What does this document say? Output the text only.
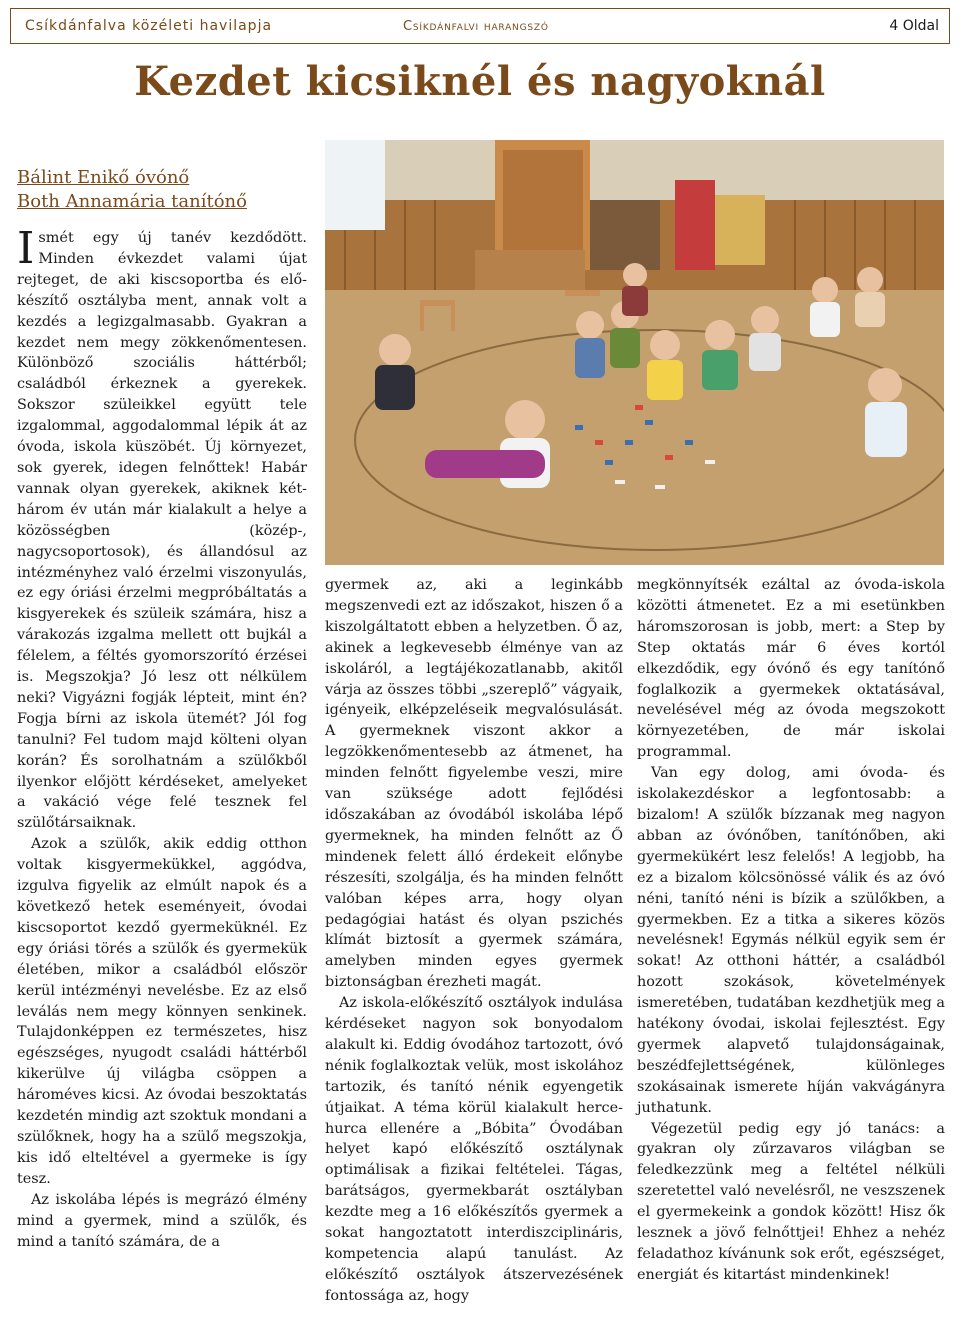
Csíkdánfalva közéleti havilapja	Csíkdánfalvi harangszó	4 Oldal
Kezdet kicsiknél és nagyoknál
Bálint Enikő óvónő
Both Annamária tanítónő

Ismét egy új tanév kezdődött. Minden évkezdet valami újat rejteget, de aki kiscsoportba és előkészítő osztályba ment, annak volt a kezdés a legizgalmasabb. Gyakran a kezdet nem megy zökkenőmentesen. Különböző szociális háttérből; családból érkeznek a gyerekek. Sokszor szüleikkel együtt tele izgalommal, aggodalommal lépik át az óvoda, iskola küszöbét. Új környezet, sok gyerek, idegen felnőttek! Habár vannak olyan gyerekek, akiknek két-három év után már kialakult a helye a közösségben (közép-, nagycsoportosok), és állandósul az intézményhez való érzelmi viszonyulás, ez egy óriási érzelmi megpróbáltatás a kisgyerekek és szüleik számára, hisz a várakozás izgalma mellett ott bujkál a félelem, a féltés gyomorszorító érzései is. Megszokja? Jó lesz ott nélkülem neki? Vigyázni fogják lépteit, mint én? Fogja bírni az iskola ütemét? Jól fog tanulni? Fel tudom majd költeni olyan korán? És sorolhatnám a szülőkből ilyenkor előjött kérdéseket, amelyeket a vakáció vége felé tesznek fel szülőtársaiknak.

Azok a szülők, akik eddig otthon voltak kisgyermekükkel, aggódva, izgulva figyelik az elmúlt napok és a következő hetek eseményeit, óvodai kiscsoportot kezdő gyermeküknél. Ez egy óriási törés a szülők és gyermekük életében, mikor a családból először kerül intézményi nevelésbe. Ez az első leválás nem megy könnyen senkinek. Tulajdonképpen ez természetes, hisz egészséges, nyugodt családi háttérből kikerülve új világba csöppen a hároméves kicsi. Az óvodai beszoktatás kezdetén mindig azt szoktuk mondani a szülőknek, hogy ha a szülő megszokja, kis idő elteltével a gyermeke is így tesz.

Az iskolába lépés is megrázó élmény mind a gyermek, mind a szülők, és mind a tanító számára, de a

gyermek az, aki a leginkább megszenvedi ezt az időszakot, hiszen ő a kiszolgáltatott ebben a helyzetben. Ő az, akinek a legkevesebb élménye van az iskoláról, a legtájékozatlanabb, akitől várja az összes többi „szereplő” vágyaik, igényeik, elképzeléseik megvalósulását. A gyermeknek viszont akkor a legzökkenőmentesebb az átmenet, ha minden felnőtt figyelembe veszi, mire van szüksége adott fejlődési időszakában az óvodából iskolába lépő gyermeknek, ha minden felnőtt az Ő mindenek felett álló érdekeit előnybe részesíti, szolgálja, és ha minden felnőtt valóban képes arra, hogy olyan pedagógiai hatást és olyan pszichés klímát biztosít a gyermek számára, amelyben minden egyes gyermek biztonságban érezheti magát.

Az iskola-előkészítő osztályok indulása kérdéseket nagyon sok bonyodalom alakult ki. Eddig óvodához tartozott, óvó nénik foglalkoztak velük, most iskolához tartozik, és tanító nénik egyengetik útjaikat. A téma körül kialakult herce-hurca ellenére a „Bóbita” Óvodában helyet kapó előkészítő osztálynak optimálisak a fizikai feltételei. Tágas, barátságos, gyermekbarát osztályban kezdte meg a 16 előkészítős gyermek a sokat hangoztatott interdiszciplináris, kompetencia alapú tanulást. Az előkészítő osztályok átszervezésének fontossága az, hogy

megkönnyítsék ezáltal az óvoda-iskola közötti átmenetet. Ez a mi esetünkben háromszorosan is jobb, mert: a Step by Step oktatás már 6 éves kortól elkezdődik, egy óvónő és egy tanítónő foglalkozik a gyermekek oktatásával, nevelésével még az óvoda megszokott környezetében, de már iskolai programmal.

Van egy dolog, ami óvoda- és iskolakezdéskor a legfontosabb: a bizalom! A szülők bízzanak meg nagyon abban az óvónőben, tanítónőben, aki gyermekükért lesz felelős! A legjobb, ha ez a bizalom kölcsönössé válik és az óvó néni, tanító néni is bízik a szülőkben, a gyermekben. Ez a titka a sikeres közös nevelésnek! Egymás nélkül egyik sem ér sokat! Az otthoni háttér, a családból hozott szokások, követelmények ismeretében, tudatában kezdhetjük meg a hatékony óvodai, iskolai fejlesztést. Egy gyermek alapvető tulajdonságainak, beszédfejlettségének, különleges szokásainak ismerete híján vakvágányra juthatunk.

Végezetül pedig egy jó tanács: a gyakran oly zűrzavaros világban se feledkezzünk meg a feltétel nélküli szeretettel való nevelésről, ne veszszenek el gyermekeink a gondok között! Hisz ők lesznek a jövő felnőttjei! Ehhez a nehéz feladathoz kívánunk sok erőt, egészséget, energiát és kitartást mindenkinek!
